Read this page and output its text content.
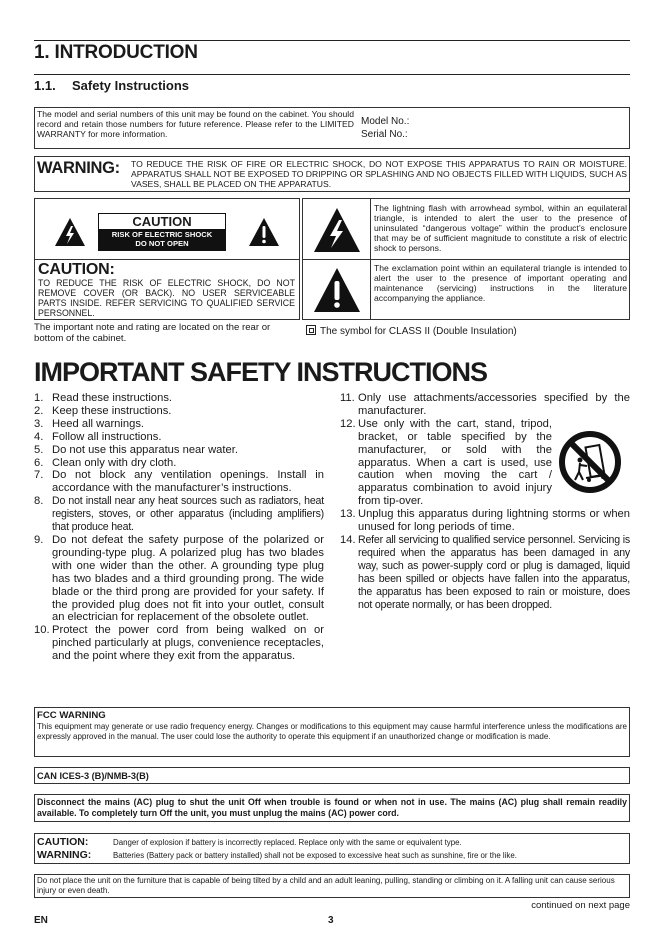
1. INTRODUCTION
1.1. Safety Instructions
The model and serial numbers of this unit may be found on the cabinet. You should record and retain those numbers for future reference. Please refer to the LIMITED WARRANTY for more information.
Model No.:
Serial No.:
WARNING: TO REDUCE THE RISK OF FIRE OR ELECTRIC SHOCK, DO NOT EXPOSE THIS APPARATUS TO RAIN OR MOISTURE. APPARATUS SHALL NOT BE EXPOSED TO DRIPPING OR SPLASHING AND NO OBJECTS FILLED WITH LIQUIDS, SUCH AS VASES, SHALL BE PLACED ON THE APPARATUS.
CAUTION
RISK OF ELECTRIC SHOCK
DO NOT OPEN
CAUTION:
TO REDUCE THE RISK OF ELECTRIC SHOCK, DO NOT REMOVE COVER (OR BACK). NO USER SERVICEABLE PARTS INSIDE. REFER SERVICING TO QUALIFIED SERVICE PERSONNEL.
The lightning flash with arrowhead symbol, within an equilateral triangle, is intended to alert the user to the presence of uninsulated “dangerous voltage” within the product’s enclosure that may be of sufficient magnitude to constitute a risk of electric shock to persons.
The exclamation point within an equilateral triangle is intended to alert the user to the presence of important operating and maintenance (servicing) instructions in the literature accompanying the appliance.
The important note and rating are located on the rear or bottom of the cabinet.
The symbol for CLASS II (Double Insulation)
IMPORTANT SAFETY INSTRUCTIONS
1. Read these instructions.
2. Keep these instructions.
3. Heed all warnings.
4. Follow all instructions.
5. Do not use this apparatus near water.
6. Clean only with dry cloth.
7. Do not block any ventilation openings. Install in accordance with the manufacturer’s instructions.
8. Do not install near any heat sources such as radiators, heat registers, stoves, or other apparatus (including amplifiers) that produce heat.
9. Do not defeat the safety purpose of the polarized or grounding-type plug. A polarized plug has two blades with one wider than the other. A grounding type plug has two blades and a third grounding prong. The wide blade or the third prong are provided for your safety. If the provided plug does not fit into your outlet, consult an electrician for replacement of the obsolete outlet.
10. Protect the power cord from being walked on or pinched particularly at plugs, convenience receptacles, and the point where they exit from the apparatus.
11. Only use attachments/accessories specified by the manufacturer.
12. Use only with the cart, stand, tripod, bracket, or table specified by the manufacturer, or sold with the apparatus. When a cart is used, use caution when moving the cart / apparatus combination to avoid injury from tip-over.
13. Unplug this apparatus during lightning storms or when unused for long periods of time.
14. Refer all servicing to qualified service personnel. Servicing is required when the apparatus has been damaged in any way, such as power-supply cord or plug is damaged, liquid has been spilled or objects have fallen into the apparatus, the apparatus has been exposed to rain or moisture, does not operate normally, or has been dropped.
FCC WARNING
This equipment may generate or use radio frequency energy. Changes or modifications to this equipment may cause harmful interference unless the modifications are expressly approved in the manual. The user could lose the authority to operate this equipment if an unauthorized change or modification is made.
CAN ICES-3 (B)/NMB-3(B)
Disconnect the mains (AC) plug to shut the unit Off when trouble is found or when not in use. The mains (AC) plug shall remain readily available. To completely turn Off the unit, you must unplug the mains (AC) power cord.
CAUTION:	Danger of explosion if battery is incorrectly replaced. Replace only with the same or equivalent type.
WARNING:	Batteries (Battery pack or battery installed) shall not be exposed to excessive heat such as sunshine, fire or the like.
Do not place the unit on the furniture that is capable of being tilted by a child and an adult leaning, pulling, standing or climbing on it. A falling unit can cause serious injury or even death.
continued on next page
EN	3
